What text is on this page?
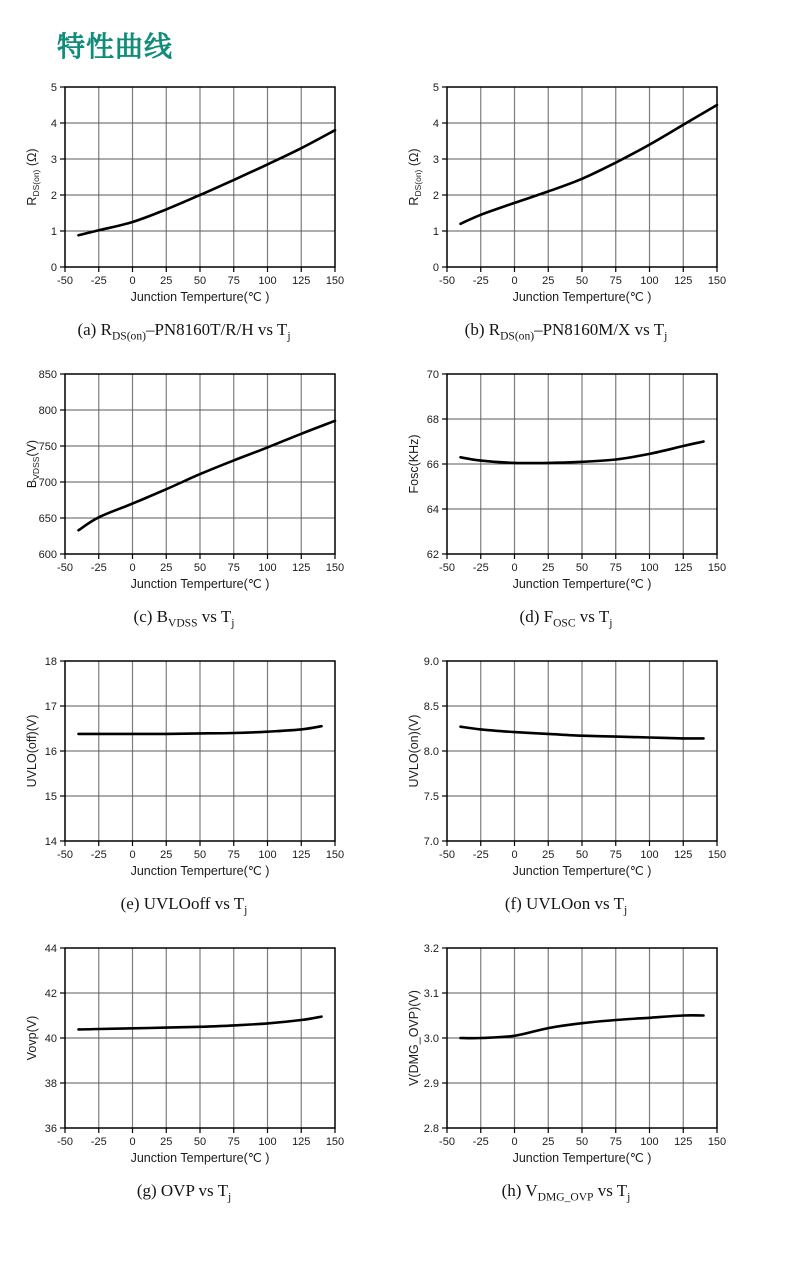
特性曲线
0
1
2
3
4
5
-50 -25 0 25 50 75 100 125 150
Junction Temperture(℃ )
$R_{DS(on)}$ (Ω)
(a) $R_{DS(on)}-PN8160T/R/H$ vs $T_j$
0
1
2
3
4
5
-50 -25 0 25 50 75 100 125 150
Junction Temperture(℃ )
$R_{DS(on)}$ (Ω)
(b) $R_{DS(on)}-PN8160M/X$ vs $T_j$
600
650
700
750
800
850
-50 -25 0 25 50 75 100 125 150
Junction Temperture(℃ )
$B_{VDSS}(V)$
(c) $B_{VDSS}$ vs $T_j$
62
64
66
68
70
-50 -25 0 25 50 75 100 125 150
Junction Temperture(℃ )
Fosc(KHz)
(d) $F_{OSC}$ vs $T_j$
14
15
16
17
18
-50 -25 0 25 50 75 100 125 150
Junction Temperture(℃ )
UVLO(off)(V)
(e) UVLOoff vs $T_j$
7.0
7.5
8.0
8.5
9.0
-50 -25 0 25 50 75 100 125 150
Junction Temperture(℃ )
UVLO(on)(V)
(f) UVLOon vs $T_j$
36
38
40
42
44
-50 -25 0 25 50 75 100 125 150
Junction Temperture(℃ )
Vovp(V)
(g) OVP vs $T_j$
2.8
2.9
3.0
3.1
3.2
-50 -25 0 25 50 75 100 125 150
Junction Temperture(℃ )
V(DMG_OVP)(V)
(h) $V_{DMG\_OVP}$ vs $T_j$
